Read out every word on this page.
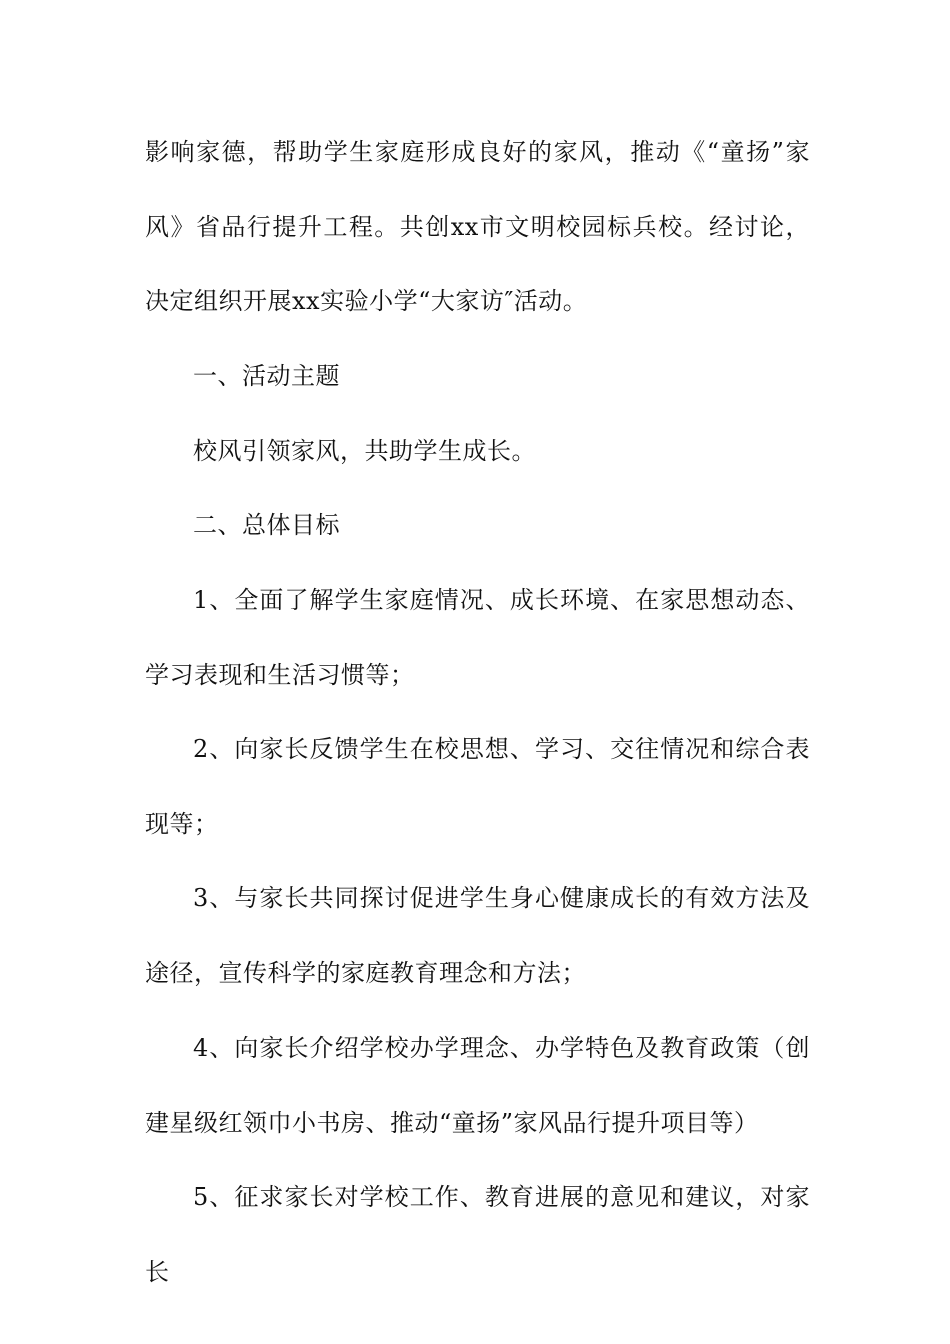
影响家德，帮助学生家庭形成良好的家风，推动《“童扬”家风》省品行提升工程。共创xx市文明校园标兵校。经讨论，决定组织开展xx实验小学“大家访″活动。

一、活动主题

校风引领家风，共助学生成长。

二、总体目标

1、全面了解学生家庭情况、成长环境、在家思想动态、学习表现和生活习惯等；

2、向家长反馈学生在校思想、学习、交往情况和综合表现等；

3、与家长共同探讨促进学生身心健康成长的有效方法及途径，宣传科学的家庭教育理念和方法；

4、向家长介绍学校办学理念、办学特色及教育政策（创建星级红领巾小书房、推动“童扬”家风品行提升项目等）

5、征求家长对学校工作、教育进展的意见和建议，对家长
